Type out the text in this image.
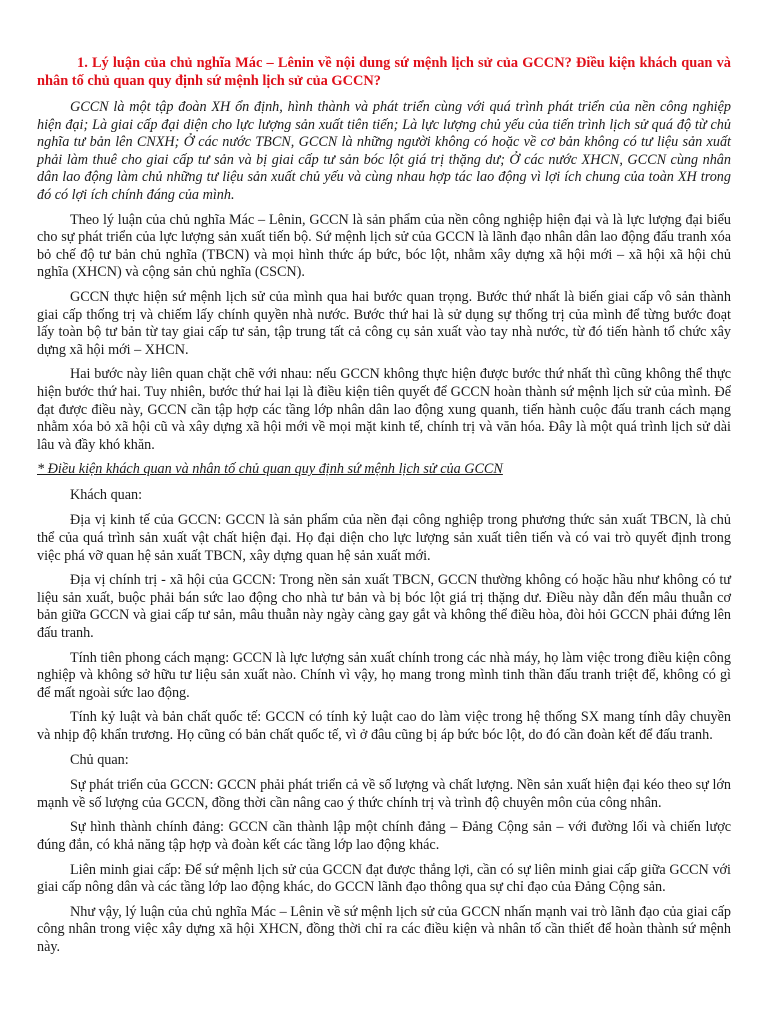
1. Lý luận của chủ nghĩa Mác – Lênin về nội dung sứ mệnh lịch sử của GCCN? Điều kiện khách quan và nhân tố chủ quan quy định sứ mệnh lịch sử của GCCN?

GCCN là một tập đoàn XH ổn định, hình thành và phát triển cùng với quá trình phát triển của nền công nghiệp hiện đại; Là giai cấp đại diện cho lực lượng sản xuất tiên tiến; Là lực lượng chủ yếu của tiến trình lịch sử quá độ từ chủ nghĩa tư bản lên CNXH; Ở các nước TBCN, GCCN là những người không có hoặc về cơ bản không có tư liệu sản xuất phải làm thuê cho giai cấp tư sản và bị giai cấp tư sản bóc lột giá trị thặng dư; Ở các nước XHCN, GCCN cùng nhân dân lao động làm chủ những tư liệu sản xuất chủ yếu và cùng nhau hợp tác lao động vì lợi ích chung của toàn XH trong đó có lợi ích chính đáng của mình.

Theo lý luận của chủ nghĩa Mác – Lênin, GCCN là sản phẩm của nền công nghiệp hiện đại và là lực lượng đại biểu cho sự phát triển của lực lượng sản xuất tiến bộ. Sứ mệnh lịch sử của GCCN là lãnh đạo nhân dân lao động đấu tranh xóa bỏ chế độ tư bản chủ nghĩa (TBCN) và mọi hình thức áp bức, bóc lột, nhằm xây dựng xã hội mới – xã hội xã hội chủ nghĩa (XHCN) và cộng sản chủ nghĩa (CSCN).

GCCN thực hiện sứ mệnh lịch sử của mình qua hai bước quan trọng. Bước thứ nhất là biến giai cấp vô sản thành giai cấp thống trị và chiếm lấy chính quyền nhà nước. Bước thứ hai là sử dụng sự thống trị của mình để từng bước đoạt lấy toàn bộ tư bản từ tay giai cấp tư sản, tập trung tất cả công cụ sản xuất vào tay nhà nước, từ đó tiến hành tổ chức xây dựng xã hội mới – XHCN.

Hai bước này liên quan chặt chẽ với nhau: nếu GCCN không thực hiện được bước thứ nhất thì cũng không thể thực hiện bước thứ hai. Tuy nhiên, bước thứ hai lại là điều kiện tiên quyết để GCCN hoàn thành sứ mệnh lịch sử của mình. Để đạt được điều này, GCCN cần tập hợp các tầng lớp nhân dân lao động xung quanh, tiến hành cuộc đấu tranh cách mạng nhằm xóa bỏ xã hội cũ và xây dựng xã hội mới về mọi mặt kinh tế, chính trị và văn hóa. Đây là một quá trình lịch sử dài lâu và đầy khó khăn.

* Điều kiện khách quan và nhân tố chủ quan quy định sứ mệnh lịch sử của GCCN

Khách quan:

Địa vị kinh tế của GCCN: GCCN là sản phẩm của nền đại công nghiệp trong phương thức sản xuất TBCN, là chủ thể của quá trình sản xuất vật chất hiện đại. Họ đại diện cho lực lượng sản xuất tiên tiến và có vai trò quyết định trong việc phá vỡ quan hệ sản xuất TBCN, xây dựng quan hệ sản xuất mới.

Địa vị chính trị - xã hội của GCCN: Trong nền sản xuất TBCN, GCCN thường không có hoặc hầu như không có tư liệu sản xuất, buộc phải bán sức lao động cho nhà tư bản và bị bóc lột giá trị thặng dư. Điều này dẫn đến mâu thuẫn cơ bản giữa GCCN và giai cấp tư sản, mâu thuẫn này ngày càng gay gắt và không thể điều hòa, đòi hỏi GCCN phải đứng lên đấu tranh.

Tính tiên phong cách mạng: GCCN là lực lượng sản xuất chính trong các nhà máy, họ làm việc trong điều kiện công nghiệp và không sở hữu tư liệu sản xuất nào. Chính vì vậy, họ mang trong mình tinh thần đấu tranh triệt để, không có gì để mất ngoài sức lao động.

Tính kỷ luật và bản chất quốc tế: GCCN có tính kỷ luật cao do làm việc trong hệ thống SX mang tính dây chuyền và nhịp độ khẩn trương. Họ cũng có bản chất quốc tế, vì ở đâu cũng bị áp bức bóc lột, do đó cần đoàn kết để đấu tranh.

Chủ quan:

Sự phát triển của GCCN: GCCN phải phát triển cả về số lượng và chất lượng. Nền sản xuất hiện đại kéo theo sự lớn mạnh về số lượng của GCCN, đồng thời cần nâng cao ý thức chính trị và trình độ chuyên môn của công nhân.

Sự hình thành chính đảng: GCCN cần thành lập một chính đảng – Đảng Cộng sản – với đường lối và chiến lược đúng đắn, có khả năng tập hợp và đoàn kết các tầng lớp lao động khác.

Liên minh giai cấp: Để sứ mệnh lịch sử của GCCN đạt được thắng lợi, cần có sự liên minh giai cấp giữa GCCN với giai cấp nông dân và các tầng lớp lao động khác, do GCCN lãnh đạo thông qua sự chỉ đạo của Đảng Cộng sản.

Như vậy, lý luận của chủ nghĩa Mác – Lênin về sứ mệnh lịch sử của GCCN nhấn mạnh vai trò lãnh đạo của giai cấp công nhân trong việc xây dựng xã hội XHCN, đồng thời chỉ ra các điều kiện và nhân tố cần thiết để hoàn thành sứ mệnh này.
